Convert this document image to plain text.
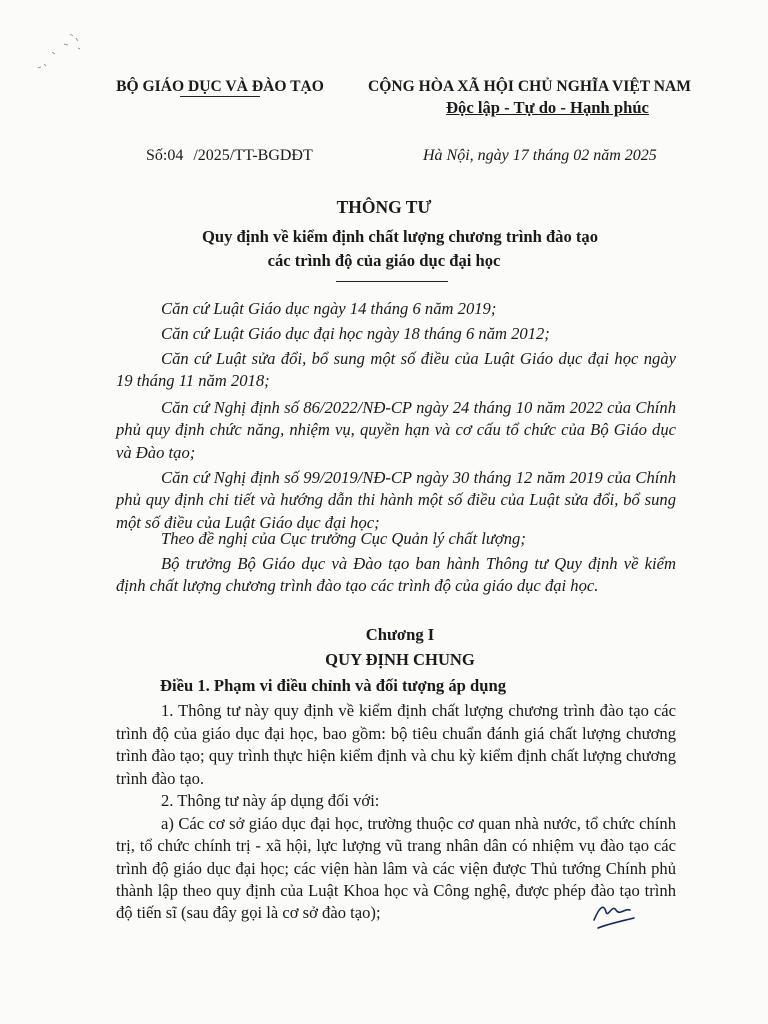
BỘ GIÁO DỤC VÀ ĐÀO TẠO	CỘNG HÒA XÃ HỘI CHỦ NGHĨA VIỆT NAM
Độc lập - Tự do - Hạnh phúc
Số:04 /2025/TT-BGDĐT	Hà Nội, ngày 17 tháng 02 năm 2025
THÔNG TƯ
Quy định về kiểm định chất lượng chương trình đào tạo
các trình độ của giáo dục đại học
Căn cứ Luật Giáo dục ngày 14 tháng 6 năm 2019;
Căn cứ Luật Giáo dục đại học ngày 18 tháng 6 năm 2012;
Căn cứ Luật sửa đổi, bổ sung một số điều của Luật Giáo dục đại học ngày 19 tháng 11 năm 2018;
Căn cứ Nghị định số 86/2022/NĐ-CP ngày 24 tháng 10 năm 2022 của Chính phủ quy định chức năng, nhiệm vụ, quyền hạn và cơ cấu tổ chức của Bộ Giáo dục và Đào tạo;
Căn cứ Nghị định số 99/2019/NĐ-CP ngày 30 tháng 12 năm 2019 của Chính phủ quy định chi tiết và hướng dẫn thi hành một số điều của Luật sửa đổi, bổ sung một số điều của Luật Giáo dục đại học;
Theo đề nghị của Cục trưởng Cục Quản lý chất lượng;
Bộ trưởng Bộ Giáo dục và Đào tạo ban hành Thông tư Quy định về kiểm định chất lượng chương trình đào tạo các trình độ của giáo dục đại học.
Chương I
QUY ĐỊNH CHUNG
Điều 1. Phạm vi điều chỉnh và đối tượng áp dụng
1. Thông tư này quy định về kiểm định chất lượng chương trình đào tạo các trình độ của giáo dục đại học, bao gồm: bộ tiêu chuẩn đánh giá chất lượng chương trình đào tạo; quy trình thực hiện kiểm định và chu kỳ kiểm định chất lượng chương trình đào tạo.
2. Thông tư này áp dụng đối với:
a) Các cơ sở giáo dục đại học, trường thuộc cơ quan nhà nước, tổ chức chính trị, tổ chức chính trị - xã hội, lực lượng vũ trang nhân dân có nhiệm vụ đào tạo các trình độ giáo dục đại học; các viện hàn lâm và các viện được Thủ tướng Chính phủ thành lập theo quy định của Luật Khoa học và Công nghệ, được phép đào tạo trình độ tiến sĩ (sau đây gọi là cơ sở đào tạo);
